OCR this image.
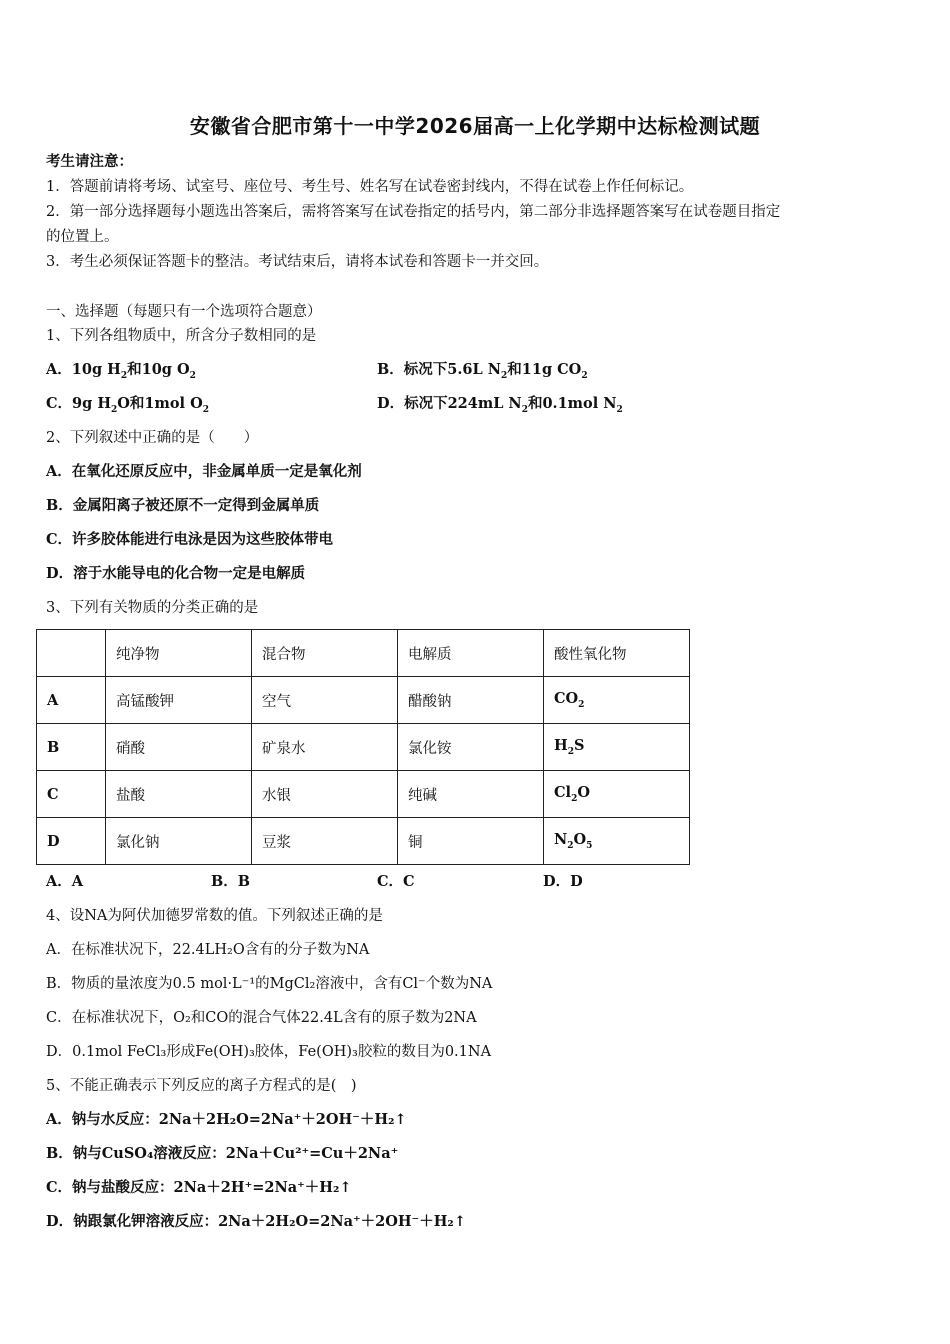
安徽省合肥市第十一中学2026届高一上化学期中达标检测试题
考生请注意：
1．答题前请将考场、试室号、座位号、考生号、姓名写在试卷密封线内，不得在试卷上作任何标记。
2．第一部分选择题每小题选出答案后，需将答案写在试卷指定的括号内，第二部分非选择题答案写在试卷题目指定
的位置上。
3．考生必须保证答题卡的整洁。考试结束后，请将本试卷和答题卡一并交回。
一、选择题（每题只有一个选项符合题意）
1、下列各组物质中，所含分子数相同的是
A．10g $H_2$和10g $O_2$	B．标况下5.6L $N_2$和11g $CO_2$
C．9g $H_2O$和1mol $O_2$	D．标况下224mL $N_2$和0.1mol $N_2$
2、下列叙述中正确的是（　　）
A．在氧化还原反应中，非金属单质一定是氧化剂
B．金属阳离子被还原不一定得到金属单质
C．许多胶体能进行电泳是因为这些胶体带电
D．溶于水能导电的化合物一定是电解质
3、下列有关物质的分类正确的是
	纯净物	混合物	电解质	酸性氧化物
A	高锰酸钾	空气	醋酸钠	$CO_2$
B	硝酸	矿泉水	氯化铵	$H_2S$
C	盐酸	水银	纯碱	$Cl_2O$
D	氯化钠	豆浆	铜	$N_2O_5$
A．A	B．B	C．C	D．D
4、设NA为阿伏加德罗常数的值。下列叙述正确的是
A．在标准状况下，22.4LH₂O含有的分子数为NA
B．物质的量浓度为0.5 mol·L⁻¹的MgCl₂溶液中，含有Cl⁻个数为NA
C．在标准状况下，O₂和CO的混合气体22.4L含有的原子数为2NA
D．0.1mol FeCl₃形成Fe(OH)₃胶体，Fe(OH)₃胶粒的数目为0.1NA
5、不能正确表示下列反应的离子方程式的是(　)
A．钠与水反应：2Na＋2H₂O=2Na⁺＋2OH⁻＋H₂↑
B．钠与CuSO₄溶液反应：2Na＋Cu²⁺=Cu＋2Na⁺
C．钠与盐酸反应：2Na＋2H⁺=2Na⁺＋H₂↑
D．钠跟氯化钾溶液反应：2Na＋2H₂O=2Na⁺＋2OH⁻＋H₂↑
